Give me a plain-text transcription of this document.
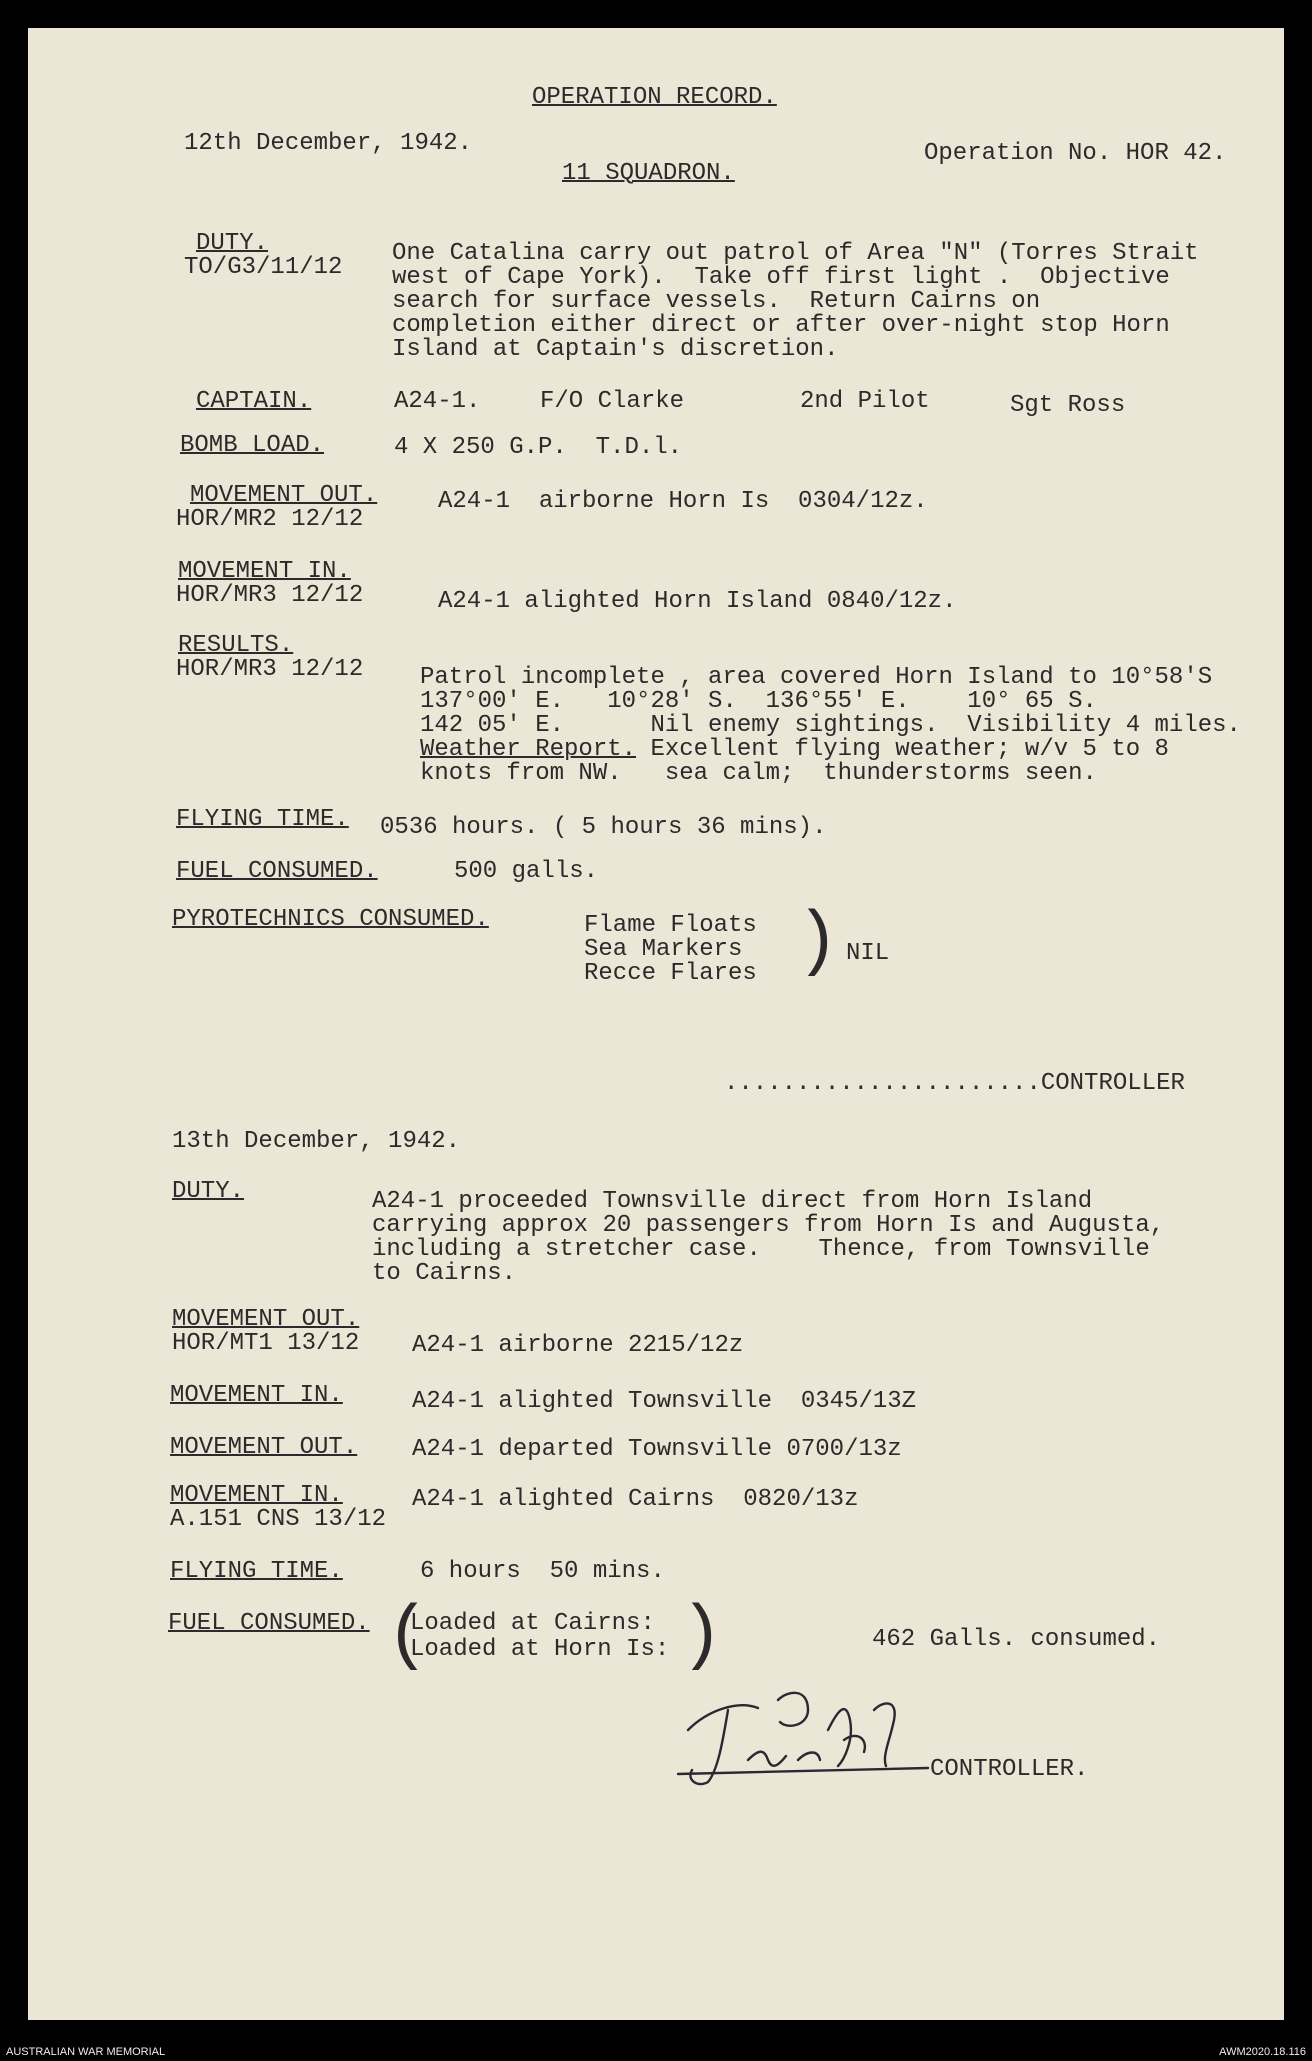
OPERATION RECORD.
12th December, 1942.
11 SQUADRON.
Operation No. HOR 42.
DUTY.
TO/G3/11/12
One Catalina carry out patrol of Area "N" (Torres Strait
west of Cape York).  Take off first light .  Objective
search for surface vessels.  Return Cairns on
completion either direct or after over-night stop Horn
Island at Captain's discretion.
CAPTAIN.	A24-1. F/O Clarke	2nd Pilot	Sgt Ross
BOMB LOAD.	4 X 250 G.P.  T.D.l.
MOVEMENT OUT.
HOR/MR2 12/12
A24-1  airborne Horn Is  0304/12z.
MOVEMENT IN.
HOR/MR3 12/12	A24-1 alighted Horn Island 0840/12z.
RESULTS.
HOR/MR3 12/12 Patrol incomplete , area covered Horn Island to 10°58'S
137°00' E.   10°28' S.  136°55' E.    10° 65 S.
142 05' E.      Nil enemy sightings.  Visibility 4 miles.
Weather Report. Excellent flying weather; w/v 5 to 8
knots from NW.   sea calm;  thunderstorms seen.
FLYING TIME. 0536 hours. ( 5 hours 36 mins).
FUEL CONSUMED.	500 galls.
PYROTECHNICS CONSUMED.	Flame Floats
Sea Markers
Recce Flares ) NIL
......................CONTROLLER
13th December, 1942.
DUTY.	A24-1 proceeded Townsville direct from Horn Island
carrying approx 20 passengers from Horn Is and Augusta,
including a stretcher case.    Thence, from Townsville
to Cairns.
MOVEMENT OUT.
HOR/MT1 13/12 A24-1 airborne 2215/12z
MOVEMENT IN.	A24-1 alighted Townsville  0345/13Z
MOVEMENT OUT. A24-1 departed Townsville 0700/13z
MOVEMENT IN.
A.151 CNS 13/12
A24-1 alighted Cairns  0820/13z
FLYING TIME.	6 hours  50 mins.
FUEL CONSUMED. (
Loaded at Cairns:
Loaded at Horn Is: )	462 Galls. consumed.
CONTROLLER.
AUSTRALIAN WAR MEMORIAL	AWM2020.18.116
